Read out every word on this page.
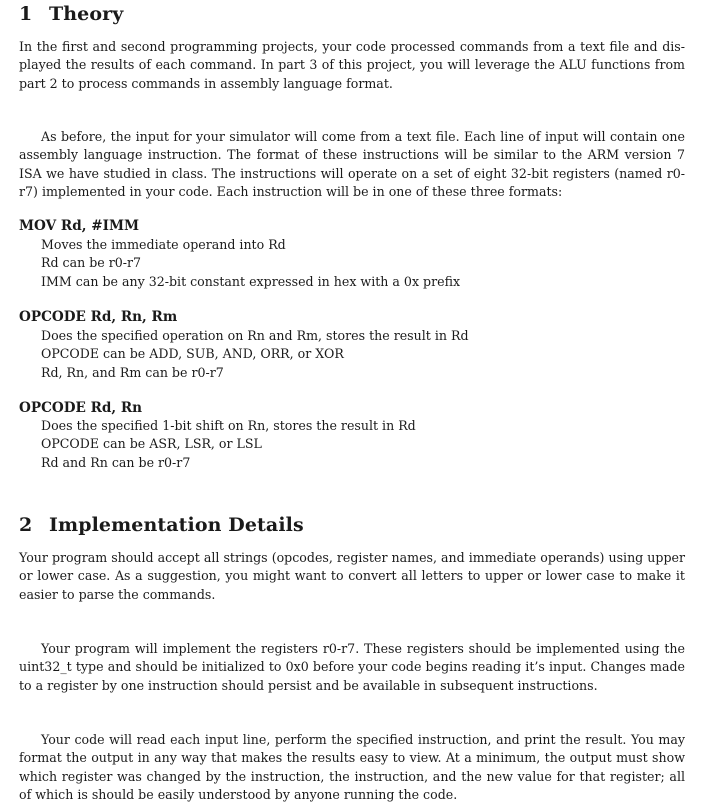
1 Theory

In the first and second programming projects, your code processed commands from a text file and dis-played the results of each command. In part 3 of this project, you will leverage the ALU functions from part 2 to process commands in assembly language format.

As before, the input for your simulator will come from a text file. Each line of input will contain one assembly language instruction. The format of these instructions will be similar to the ARM version 7 ISA we have studied in class. The instructions will operate on a set of eight 32-bit registers (named r0-r7) implemented in your code. Each instruction will be in one of these three formats:

MOV Rd, #IMM
Moves the immediate operand into Rd
Rd can be r0-r7
IMM can be any 32-bit constant expressed in hex with a 0x prefix
OPCODE Rd, Rn, Rm
Does the specified operation on Rn and Rm, stores the result in Rd
OPCODE can be ADD, SUB, AND, ORR, or XOR
Rd, Rn, and Rm can be r0-r7
OPCODE Rd, Rn
Does the specified 1-bit shift on Rn, stores the result in Rd
OPCODE can be ASR, LSR, or LSL
Rd and Rn can be r0-r7
2 Implementation Details

Your program should accept all strings (opcodes, register names, and immediate operands) using upper or lower case. As a suggestion, you might want to convert all letters to upper or lower case to make it easier to parse the commands.

Your program will implement the registers r0-r7. These registers should be implemented using the uint32_t type and should be initialized to 0x0 before your code begins reading it’s input. Changes made to a register by one instruction should persist and be available in subsequent instructions.

Your code will read each input line, perform the specified instruction, and print the result. You may format the output in any way that makes the results easy to view. At a minimum, the output must show which register was changed by the instruction, the instruction, and the new value for that register; all of which is should be easily understood by anyone running the code.
